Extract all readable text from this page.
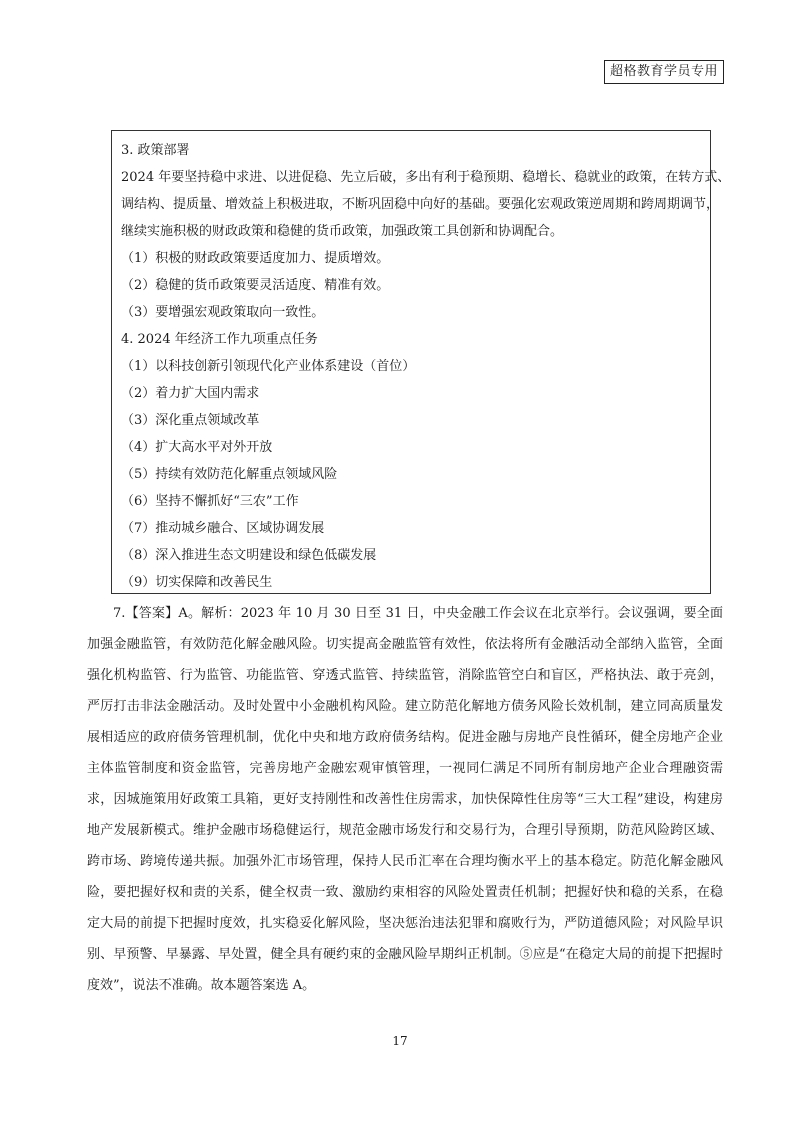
超格教育学员专用

3. 政策部署

2024 年要坚持稳中求进、以进促稳、先立后破，多出有利于稳预期、稳增长、稳就业的政策，在转方式、

调结构、提质量、增效益上积极进取，不断巩固稳中向好的基础。要强化宏观政策逆周期和跨周期调节，

继续实施积极的财政政策和稳健的货币政策，加强政策工具创新和协调配合。

（1）积极的财政政策要适度加力、提质增效。

（2）稳健的货币政策要灵活适度、精准有效。

（3）要增强宏观政策取向一致性。

4. 2024 年经济工作九项重点任务

（1）以科技创新引领现代化产业体系建设（首位）

（2）着力扩大国内需求

（3）深化重点领域改革

（4）扩大高水平对外开放

（5）持续有效防范化解重点领域风险

（6）坚持不懈抓好“三农”工作

（7）推动城乡融合、区域协调发展

（8）深入推进生态文明建设和绿色低碳发展

（9）切实保障和改善民生

7.【答案】A。解析：2023 年 10 月 30 日至 31 日，中央金融工作会议在北京举行。会议强调，要全面加强金融监管，有效防范化解金融风险。切实提高金融监管有效性，依法将所有金融活动全部纳入监管，全面强化机构监管、行为监管、功能监管、穿透式监管、持续监管，消除监管空白和盲区，严格执法、敢于亮剑，严厉打击非法金融活动。及时处置中小金融机构风险。建立防范化解地方债务风险长效机制，建立同高质量发展相适应的政府债务管理机制，优化中央和地方政府债务结构。促进金融与房地产良性循环，健全房地产企业主体监管制度和资金监管，完善房地产金融宏观审慎管理，一视同仁满足不同所有制房地产企业合理融资需求，因城施策用好政策工具箱，更好支持刚性和改善性住房需求，加快保障性住房等“三大工程”建设，构建房地产发展新模式。维护金融市场稳健运行，规范金融市场发行和交易行为，合理引导预期，防范风险跨区域、跨市场、跨境传递共振。加强外汇市场管理，保持人民币汇率在合理均衡水平上的基本稳定。防范化解金融风险，要把握好权和责的关系，健全权责一致、激励约束相容的风险处置责任机制；把握好快和稳的关系，在稳定大局的前提下把握时度效，扎实稳妥化解风险，坚决惩治违法犯罪和腐败行为，严防道德风险；对风险早识别、早预警、早暴露、早处置，健全具有硬约束的金融风险早期纠正机制。⑤应是“在稳定大局的前提下把握时度效”，说法不准确。故本题答案选 A。

17
